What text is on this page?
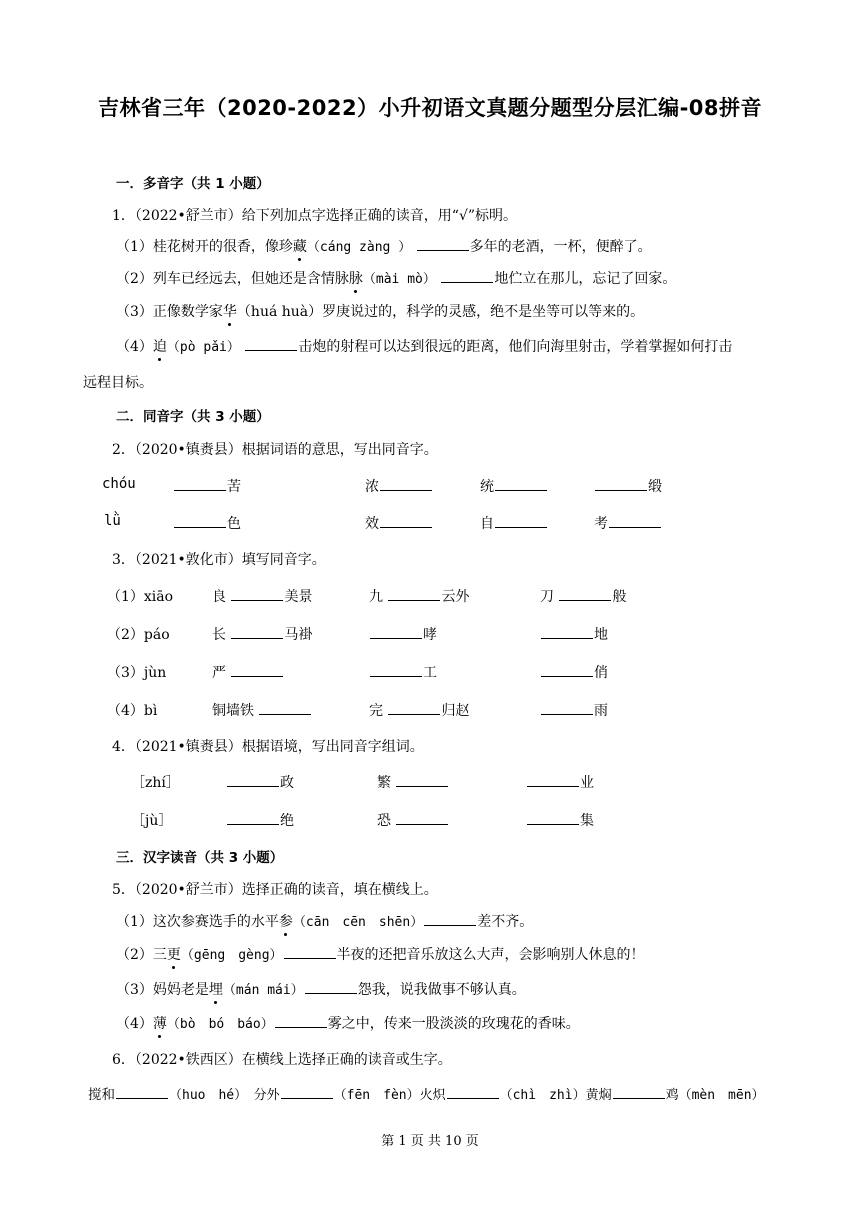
吉林省三年（2020-2022）小升初语文真题分题型分层汇编-08拼音
一．多音字（共 1 小题）
1．（2022•舒兰市）给下列加点字选择正确的读音，用“√”标明。
（1）桂花树开的很香，像珍藏（cáng zàng ）	多年的老酒，一杯，便醉了。
（2）列车已经远去，但她还是含情脉脉（mài mò）	地伫立在那儿，忘记了回家。
（3）正像数学家华（huá huà）罗庚说过的，科学的灵感，绝不是坐等可以等来的。
（4）迫（pò pǎi）	击炮的射程可以达到很远的距离，他们向海里射击，学着掌握如何打击
远程目标。
二．同音字（共 3 小题）
2．（2020•镇赉县）根据词语的意思，写出同音字。
chóu	苦	浓	统	缎
lǜ	色	效	自	考
3．（2021•敦化市）填写同音字。
（1）xiāo	良	美景	九	云外	刀	般
（2）páo	长	马褂	哮	地
（3）jùn	严	工	俏
（4）bì	铜墙铁	完	归赵	雨
4．（2021•镇赉县）根据语境，写出同音字组词。
［zhí］	政	繁	业
［jù］	绝	恐	集
三．汉字读音（共 3 小题）
5．（2020•舒兰市）选择正确的读音，填在横线上。
（1）这次参赛选手的水平参（cān　cēn　shēn）	差不齐。
（2）三更（gēng　gèng）	半夜的还把音乐放这么大声，会影响别人休息的！
（3）妈妈老是埋（mán mái）	怨我，说我做事不够认真。
（4）薄（bò　bó　báo）	雾之中，传来一股淡淡的玫瑰花的香味。
6．（2022•铁西区）在横线上选择正确的读音或生字。
搅和	（huo　hé）　分外	（fēn　fèn）火炽	（chì　zhì）黄焖	鸡（mèn　mēn）
第 1 页 共 10 页
